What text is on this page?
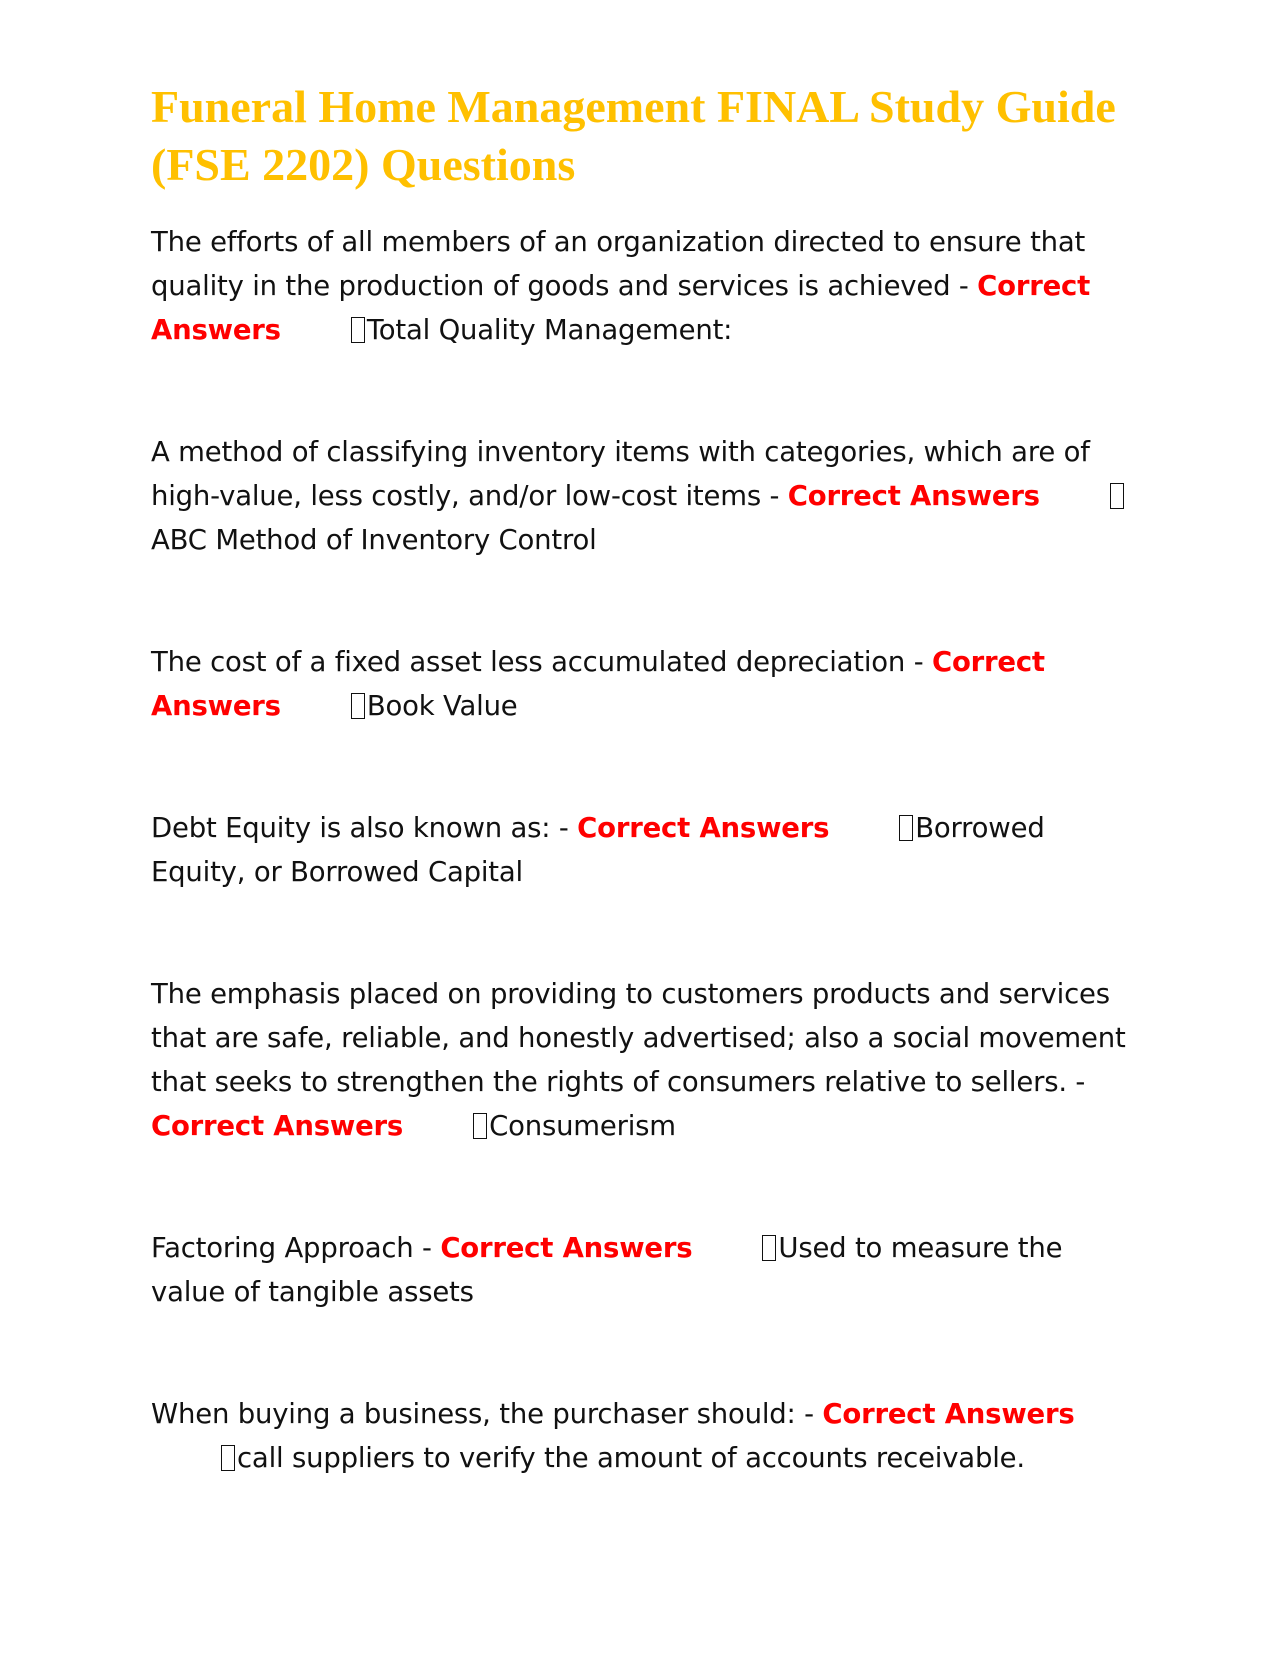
Funeral Home Management FINAL Study Guide (FSE 2202) Questions

The efforts of all members of an organization directed to ensure that quality in the production of goods and services is achieved - Correct Answers	Total Quality Management:

A method of classifying inventory items with categories, which are of high-value, less costly, and/or low-cost items - Correct AnswersABC Method of Inventory Control

The cost of a fixed asset less accumulated depreciation - Correct Answers	Book Value

Debt Equity is also known as: - Correct Answers	Borrowed Equity, or Borrowed Capital

The emphasis placed on providing to customers products and services that are safe, reliable, and honestly advertised; also a social movement that seeks to strengthen the rights of consumers relative to sellers. - Correct Answers	Consumerism

Factoring Approach - Correct Answers	Used to measure the value of tangible assets

When buying a business, the purchaser should: - Correct Answerscall suppliers to verify the amount of accounts receivable.
